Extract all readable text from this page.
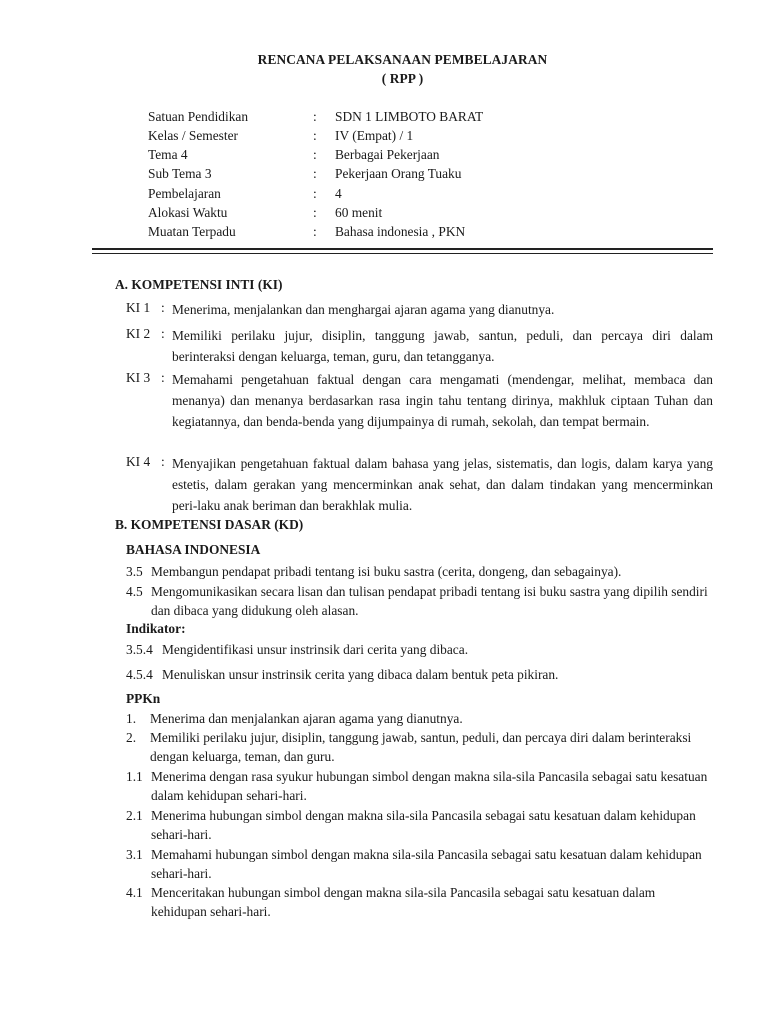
RENCANA PELAKSANAAN PEMBELAJARAN
( RPP )
Satuan Pendidikan	: SDN 1 LIMBOTO BARAT
Kelas / Semester	: IV (Empat) / 1
Tema 4	: Berbagai Pekerjaan
Sub Tema 3	: Pekerjaan Orang Tuaku
Pembelajaran	: 4
Alokasi Waktu	: 60 menit
Muatan Terpadu	: Bahasa indonesia , PKN
A. KOMPETENSI INTI (KI)
KI 1 : Menerima, menjalankan dan menghargai ajaran agama yang dianutnya.
KI 2 : Memiliki perilaku jujur, disiplin, tanggung jawab, santun, peduli, dan percaya diri dalam berinteraksi dengan keluarga, teman, guru, dan tetangganya.
KI 3 : Memahami pengetahuan faktual dengan cara mengamati (mendengar, melihat, membaca dan menanya) dan menanya berdasarkan rasa ingin tahu tentang dirinya, makhluk ciptaan Tuhan dan kegiatannya, dan benda-benda yang dijumpainya di rumah, sekolah, dan tempat bermain.
KI 4 : Menyajikan pengetahuan faktual dalam bahasa yang jelas, sistematis, dan logis, dalam karya yang estetis, dalam gerakan yang mencerminkan anak sehat, dan dalam tindakan yang mencerminkan peri-laku anak beriman dan berakhlak mulia.
B. KOMPETENSI DASAR (KD)
BAHASA INDONESIA
3.5 Membangun pendapat pribadi tentang isi buku sastra (cerita, dongeng, dan sebagainya).
4.5 Mengomunikasikan secara lisan dan tulisan pendapat pribadi tentang isi buku sastra yang dipilih sendiri dan dibaca yang didukung oleh alasan.
Indikator:
3.5.4 Mengidentifikasi unsur instrinsik dari cerita yang dibaca.
4.5.4 Menuliskan unsur instrinsik cerita yang dibaca dalam bentuk peta pikiran.
PPKn
1. Menerima dan menjalankan ajaran agama yang dianutnya.
2. Memiliki perilaku jujur, disiplin, tanggung jawab, santun, peduli, dan percaya diri dalam berinteraksi dengan keluarga, teman, dan guru.
1.1 Menerima dengan rasa syukur hubungan simbol dengan makna sila-sila Pancasila sebagai satu kesatuan dalam kehidupan sehari-hari.
2.1 Menerima hubungan simbol dengan makna sila-sila Pancasila sebagai satu kesatuan dalam kehidupan sehari-hari.
3.1 Memahami hubungan simbol dengan makna sila-sila Pancasila sebagai satu kesatuan dalam kehidupan sehari-hari.
4.1 Menceritakan hubungan simbol dengan makna sila-sila Pancasila sebagai satu kesatuan dalam kehidupan sehari-hari.
